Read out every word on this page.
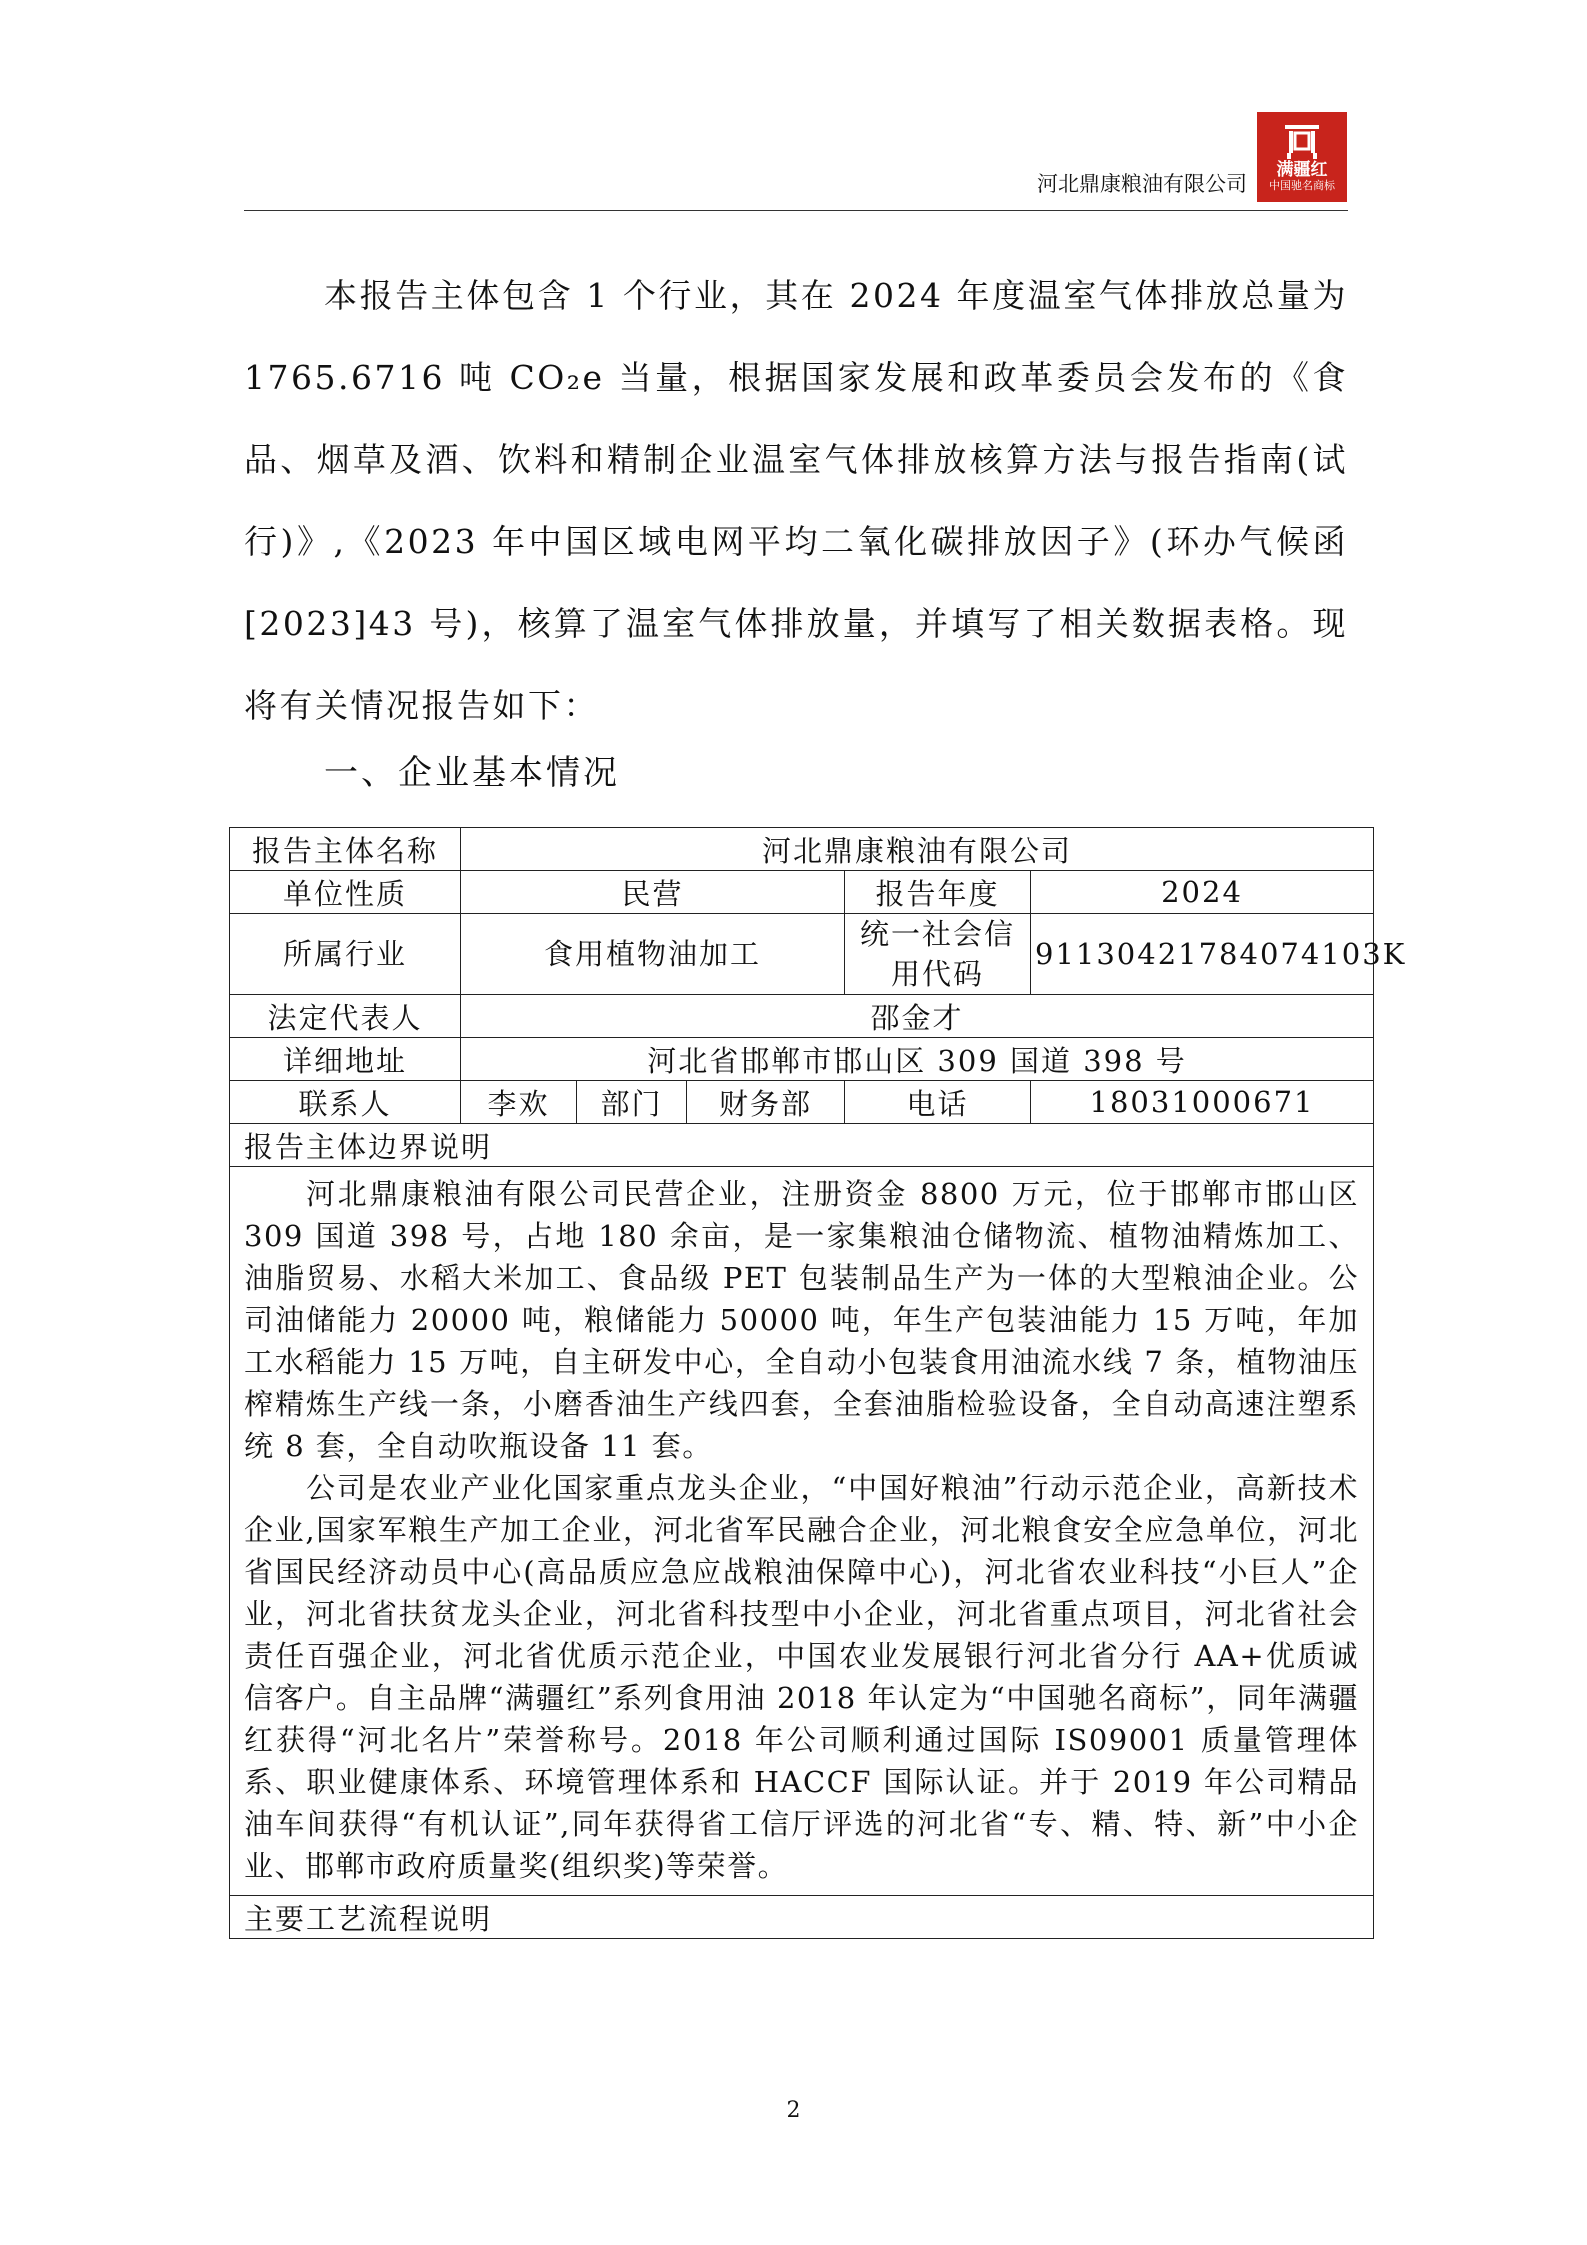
河北鼎康粮油有限公司
满疆红
中国驰名商标

本报告主体包含 1 个行业，其在 2024 年度温室气体排放总量为 1765.6716 吨 CO₂e 当量，根据国家发展和政革委员会发布的《食品、烟草及酒、饮料和精制企业温室气体排放核算方法与报告指南(试行)》,《2023 年中国区域电网平均二氧化碳排放因子》(环办气候函[2023]43 号)，核算了温室气体排放量，并填写了相关数据表格。现将有关情况报告如下：

一、企业基本情况
报告主体名称	河北鼎康粮油有限公司				
单位性质	民营			报告年度	2024
所属行业	食用植物油加工			统一社会信用代码	91130421784074103K
法定代表人	邵金才				
详细地址	河北省邯郸市邯山区 309 国道 398 号				
联系人	李欢	部门	财务部	电话	18031000671
报告主体边界说明					

河北鼎康粮油有限公司民营企业，注册资金 8800 万元，位于邯郸市邯山区 309 国道 398 号，占地 180 余亩，是一家集粮油仓储物流、植物油精炼加工、油脂贸易、水稻大米加工、食品级 PET 包装制品生产为一体的大型粮油企业。公司油储能力 20000 吨，粮储能力 50000 吨，年生产包装油能力 15 万吨，年加工水稻能力 15 万吨，自主研发中心，全自动小包装食用油流水线 7 条，植物油压榨精炼生产线一条，小磨香油生产线四套，全套油脂检验设备，全自动高速注塑系统 8 套，全自动吹瓶设备 11 套。

公司是农业产业化国家重点龙头企业，“中国好粮油”行动示范企业，高新技术企业,国家军粮生产加工企业，河北省军民融合企业，河北粮食安全应急单位，河北省国民经济动员中心(高品质应急应战粮油保障中心)，河北省农业科技“小巨人”企业，河北省扶贫龙头企业，河北省科技型中小企业，河北省重点项目，河北省社会责任百强企业，河北省优质示范企业，中国农业发展银行河北省分行 AA+优质诚信客户。自主品牌“满疆红”系列食用油 2018 年认定为“中国驰名商标”，同年满疆红获得“河北名片”荣誉称号。2018 年公司顺利通过国际 IS09001 质量管理体系、职业健康体系、环境管理体系和 HACCF 国际认证。并于 2019 年公司精品油车间获得“有机认证”,同年获得省工信厅评选的河北省“专、精、特、新”中小企业、邯郸市政府质量奖(组织奖)等荣誉。					

主要工艺流程说明					
2
